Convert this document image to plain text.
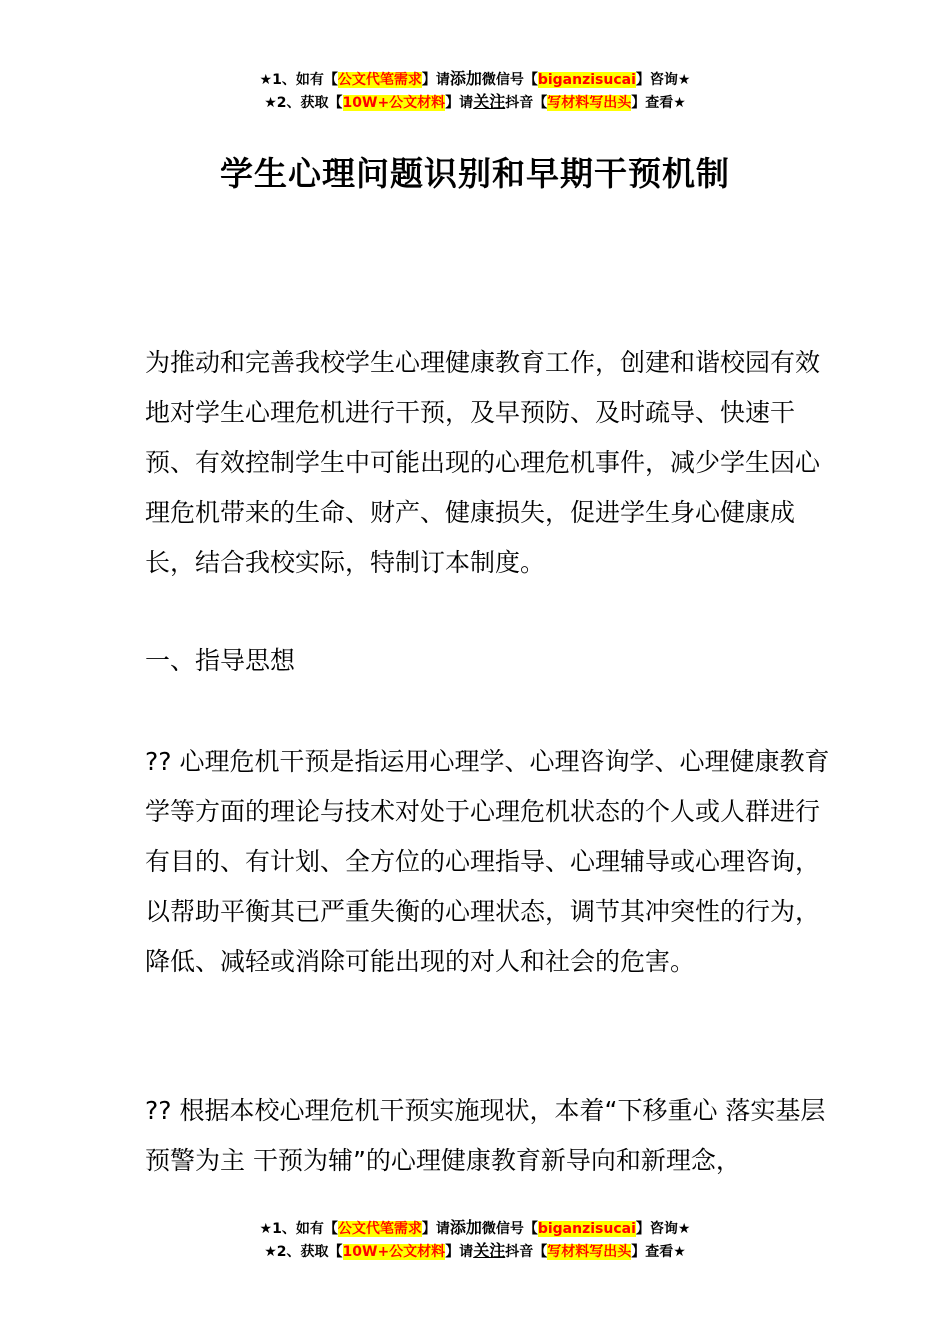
★1、如有【公文代笔需求】请添加微信号【biganzisucai】咨询★
★2、获取【10W+公文材料】请关注抖音【写材料写出头】查看★
学生心理问题识别和早期干预机制

为推动和完善我校学生心理健康教育工作，创建和谐校园有效地对学生心理危机进行干预，及早预防、及时疏导、快速干预、有效控制学生中可能出现的心理危机事件，减少学生因心理危机带来的生命、财产、健康损失，促进学生身心健康成长，结合我校实际，特制订本制度。

一、指导思想

?? 心理危机干预是指运用心理学、心理咨询学、心理健康教育学等方面的理论与技术对处于心理危机状态的个人或人群进行有目的、有计划、全方位的心理指导、心理辅导或心理咨询，以帮助平衡其已严重失衡的心理状态，调节其冲突性的行为，降低、减轻或消除可能出现的对人和社会的危害。

?? 根据本校心理危机干预实施现状，本着“下移重心 落实基层 预警为主 干预为辅”的心理健康教育新导向和新理念，

★1、如有【公文代笔需求】请添加微信号【biganzisucai】咨询★
★2、获取【10W+公文材料】请关注抖音【写材料写出头】查看★
